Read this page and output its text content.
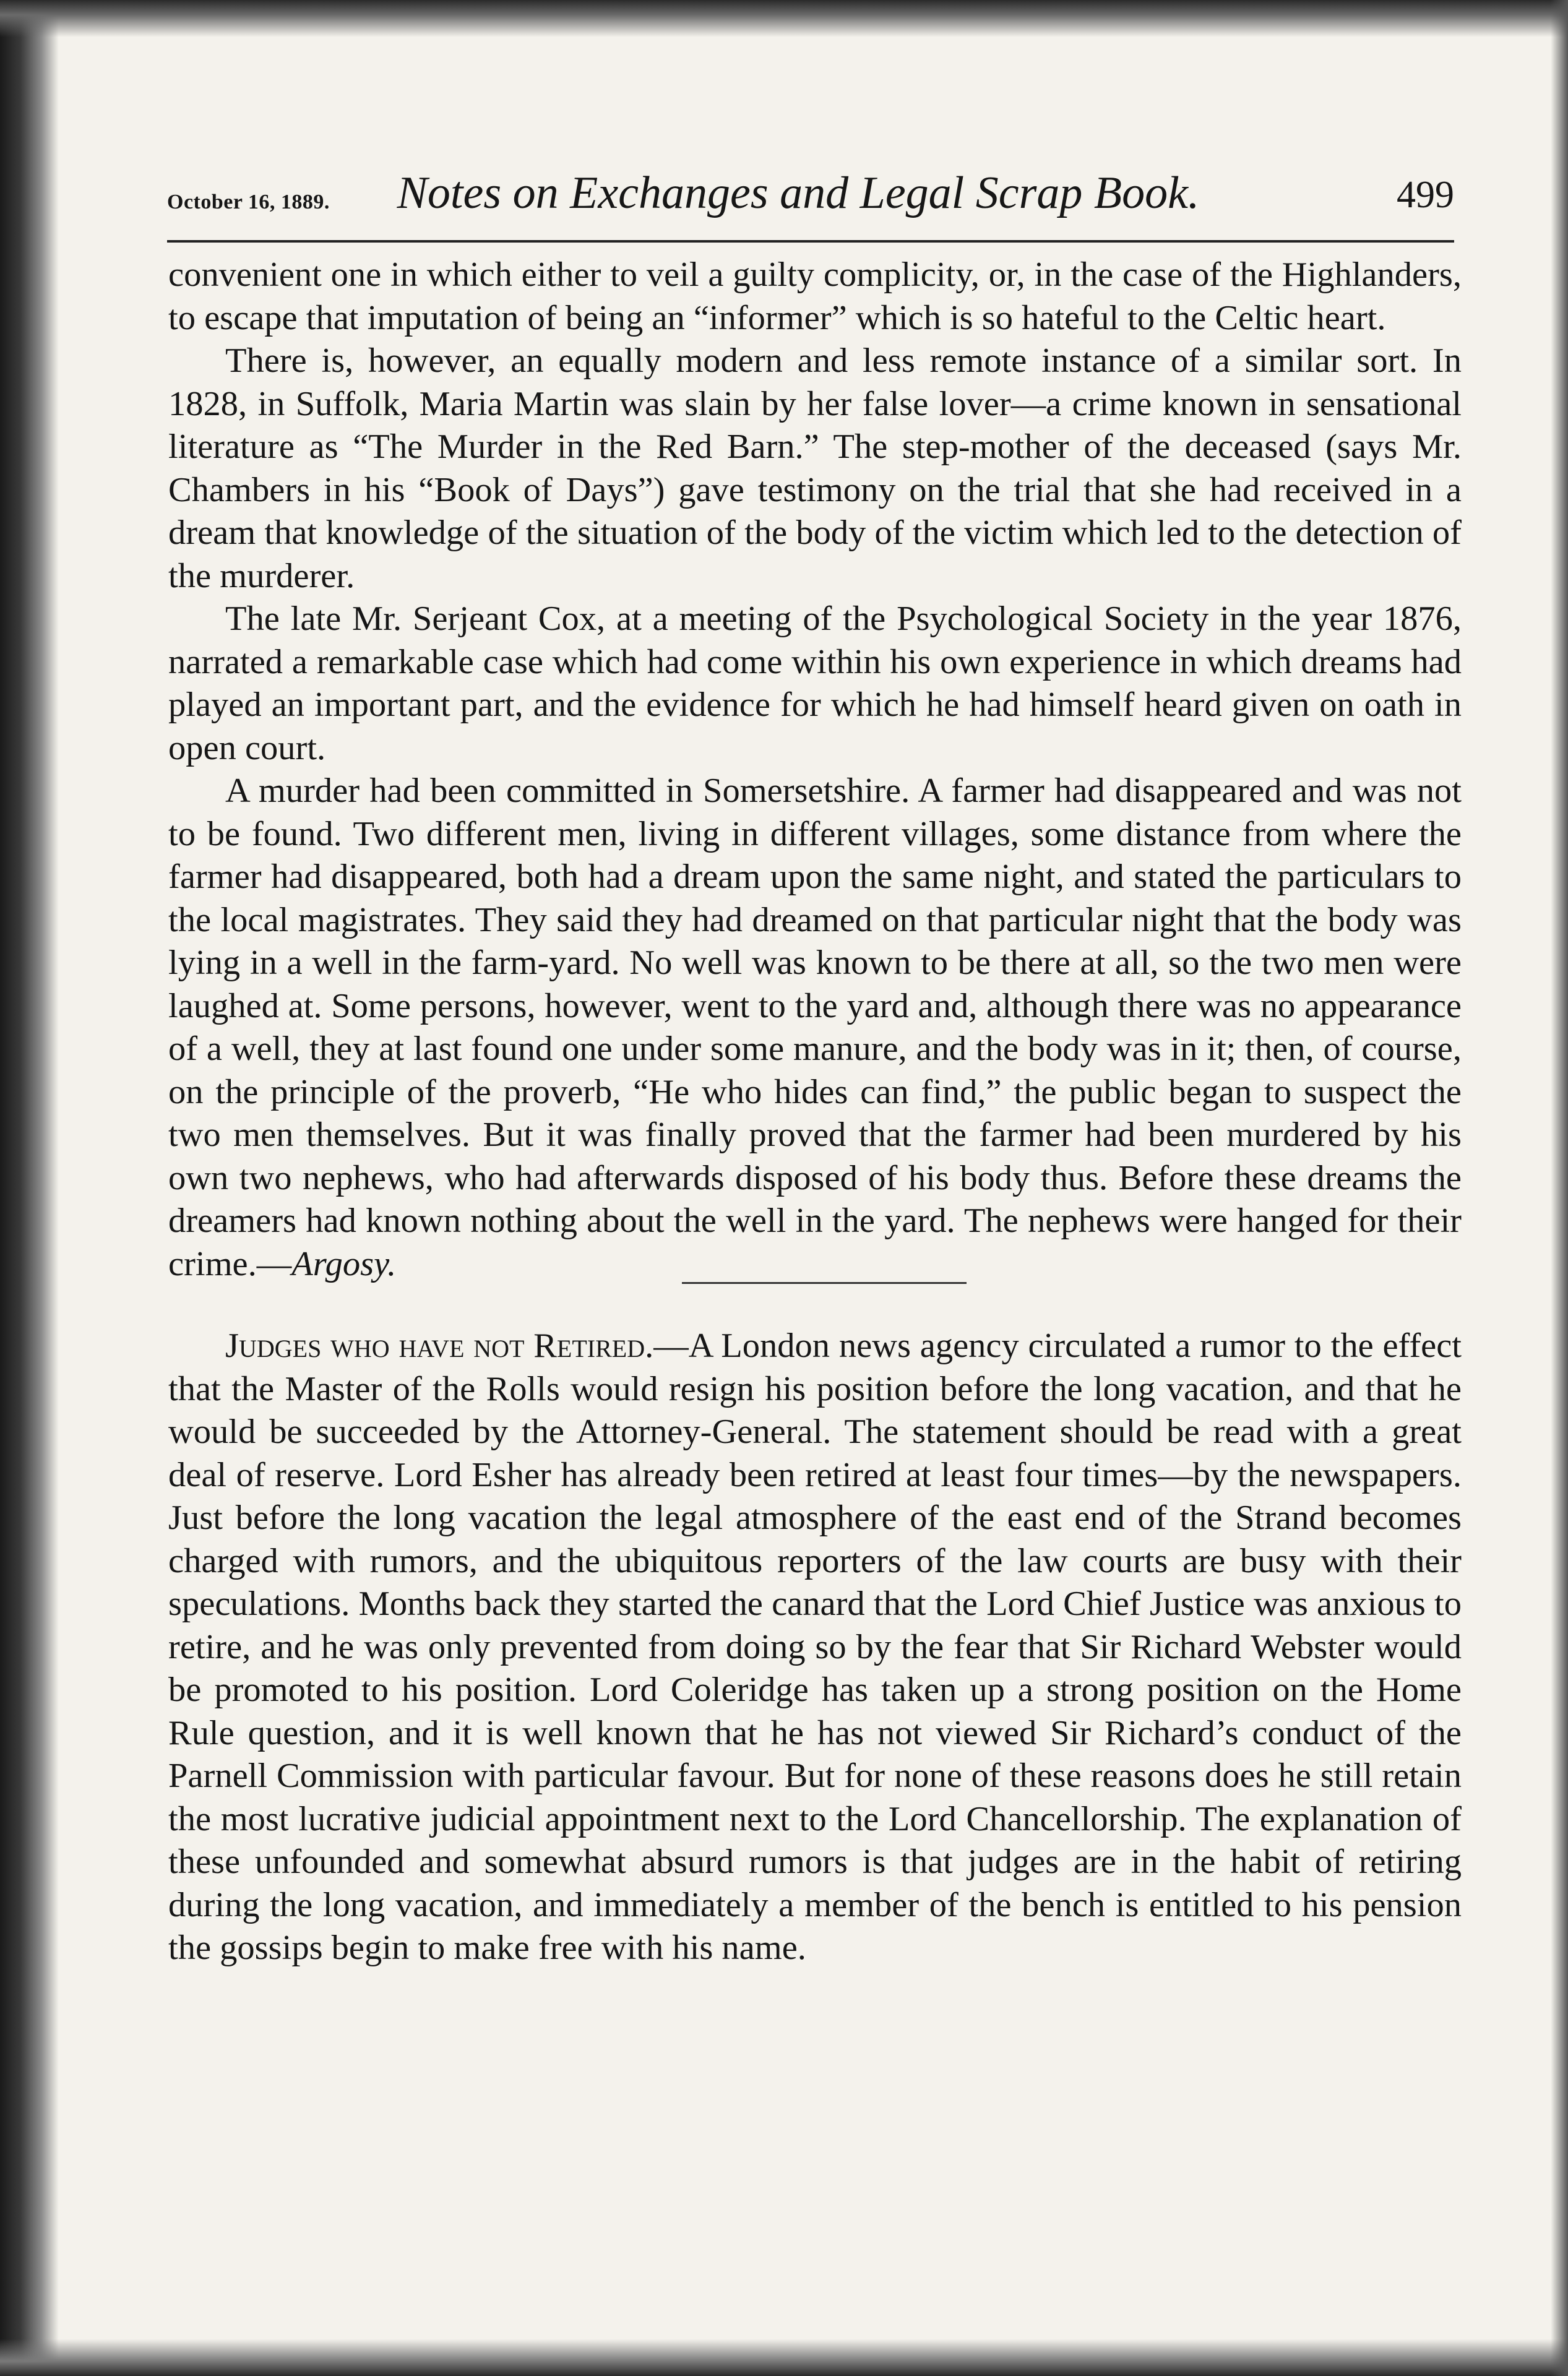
October 16, 1889. Notes on Exchanges and Legal Scrap Book.	499

convenient one in which either to veil a guilty complicity, or, in the case of the Highlanders, to escape that imputation of being an “informer” which is so hateful to the Celtic heart.

There is, however, an equally modern and less remote instance of a similar sort. In 1828, in Suffolk, Maria Martin was slain by her false lover—a crime known in sensational literature as “The Murder in the Red Barn.” The step-mother of the deceased (says Mr. Chambers in his “Book of Days”) gave testimony on the trial that she had received in a dream that knowledge of the situation of the body of the victim which led to the detection of the murderer.

The late Mr. Serjeant Cox, at a meeting of the Psychological Society in the year 1876, narrated a remarkable case which had come within his own experience in which dreams had played an important part, and the evidence for which he had himself heard given on oath in open court.

A murder had been committed in Somersetshire. A farmer had disappeared and was not to be found. Two different men, living in different villages, some distance from where the farmer had disappeared, both had a dream upon the same night, and stated the particulars to the local magistrates. They said they had dreamed on that particular night that the body was lying in a well in the farm-yard. No well was known to be there at all, so the two men were laughed at. Some persons, however, went to the yard and, although there was no appearance of a well, they at last found one under some manure, and the body was in it; then, of course, on the principle of the proverb, “He who hides can find,” the public began to suspect the two men themselves. But it was finally proved that the farmer had been murdered by his own two nephews, who had afterwards disposed of his body thus. Before these dreams the dreamers had known nothing about the well in the yard. The nephews were hanged for their crime.—Argosy.

Judges who have not Retired.—A London news agency circulated a rumor to the effect that the Master of the Rolls would resign his position before the long vacation, and that he would be succeeded by the Attorney-General. The statement should be read with a great deal of reserve. Lord Esher has already been retired at least four times—by the newspapers. Just before the long vacation the legal atmosphere of the east end of the Strand becomes charged with rumors, and the ubiquitous reporters of the law courts are busy with their speculations. Months back they started the canard that the Lord Chief Justice was anxious to retire, and he was only prevented from doing so by the fear that Sir Richard Webster would be promoted to his position. Lord Coleridge has taken up a strong position on the Home Rule question, and it is well known that he has not viewed Sir Richard’s conduct of the Parnell Commission with particular favour. But for none of these reasons does he still retain the most lucrative judicial appointment next to the Lord Chancellorship. The explanation of these unfounded and somewhat absurd rumors is that judges are in the habit of retiring during the long vacation, and immediately a member of the bench is entitled to his pension the gossips begin to make free with his name.
